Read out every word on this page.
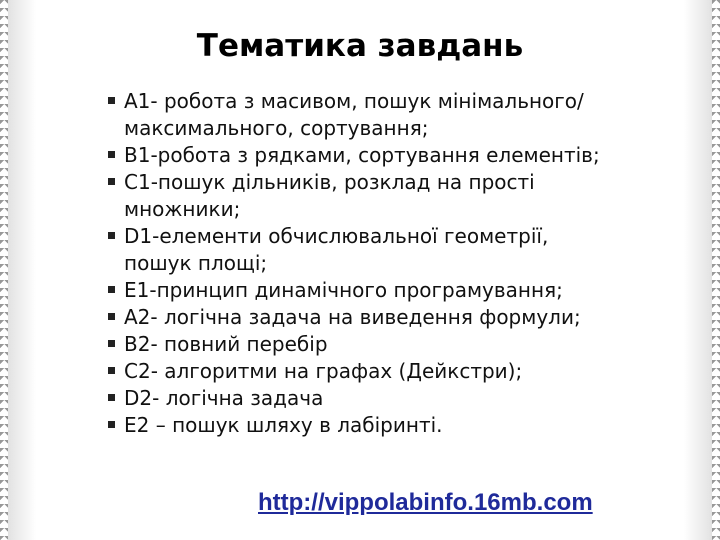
Тематика завдань
А1- робота з масивом, пошук мінімального/
максимального, сортування;
B1-робота з рядками, сортування елементів;
C1-пошук дільників, розклад на прості
множники;
D1-елементи обчислювальної геометрії,
пошук площі;
E1-принцип динамічного програмування;
А2- логічна задача на виведення формули;
B2- повний перебір
C2- алгоритми на графах (Дейкстри);
D2- логічна задача
E2 – пошук шляху в лабіринті.
http://vippolabinfo.16mb.com
